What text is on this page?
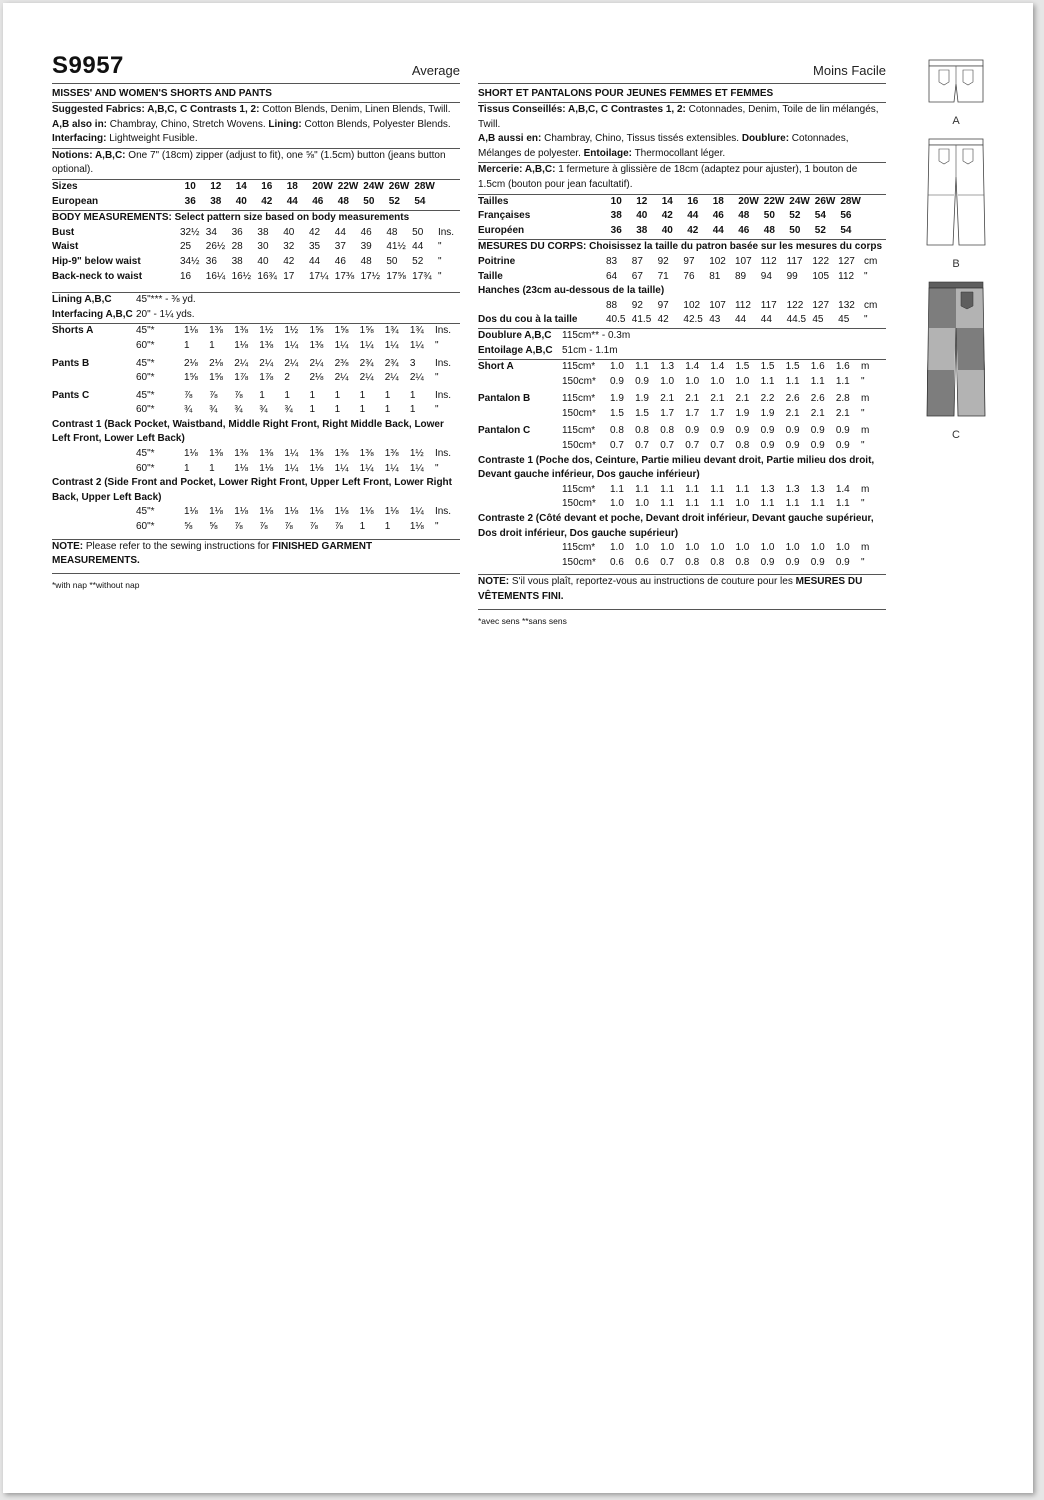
S9957	Average
MISSES' AND WOMEN'S SHORTS AND PANTS

Suggested Fabrics: A,B,C, C Contrasts 1, 2: Cotton Blends, Denim, Linen Blends, Twill.
A,B also in: Chambray, Chino, Stretch Wovens. Lining: Cotton Blends, Polyester Blends.
Interfacing: Lightweight Fusible.

Notions: A,B,C: One 7" (18cm) zipper (adjust to fit), one ⅝" (1.5cm) button (jeans button optional).

Sizes	10	12	14	16	18	20W	22W	24W	26W	28W	
European	36	38	40	42	44	46	48	50	52	54	
BODY MEASUREMENTS: Select pattern size based on body measurements
Bust	32½	34	36	38	40	42	44	46	48	50	Ins.
Waist	25	26½	28	30	32	35	37	39	41½	44	"
Hip-9" below waist	34½	36	38	40	42	44	46	48	50	52	"
Back-neck to waist	16	16¼	16½	16¾	17	17¼	17⅜	17½	17⅝	17¾	"
Lining A,B,C	45"*** - ⅜ yd.
Interfacing A,B,C	20" - 1¼ yds.
Shorts A	45"*	1⅛	1⅜	1⅜	1½	1½	1⅝	1⅝	1⅝	1¾	1¾	Ins.
	60"*	1	1	1⅛	1⅜	1¼	1⅜	1¼	1¼	1¼	1¼	"
Pants B	45"*	2⅛	2⅛	2¼	2¼	2¼	2¼	2⅜	2¾	2¾	3	Ins.
	60"*	1⅝	1⅝	1⅞	1⅞	2	2⅛	2¼	2¼	2¼	2¼	"
Pants C	45"*	⅞	⅞	⅞	1	1	1	1	1	1	1	Ins.
	60"*	¾	¾	¾	¾	¾	1	1	1	1	1	"
Contrast 1 (Back Pocket, Waistband, Middle Right Front, Right Middle Back, Lower Left Front, Lower Left Back)
	45"*	1⅛	1⅜	1⅜	1⅜	1¼	1⅜	1⅜	1⅜	1⅜	1½	Ins.
	60"*	1	1	1⅛	1⅛	1¼	1⅛	1¼	1¼	1¼	1¼	"
Contrast 2 (Side Front and Pocket, Lower Right Front, Upper Left Front, Lower Right Back, Upper Left Back)
	45"*	1⅛	1⅛	1⅛	1⅛	1⅛	1⅛	1⅛	1⅛	1⅛	1¼	Ins.
	60"*	⅝	⅝	⅞	⅞	⅞	⅞	⅞	1	1	1⅛	"

NOTE: Please refer to the sewing instructions for FINISHED GARMENT MEASUREMENTS.

*with nap **without nap
Moins Facile
SHORT ET PANTALONS POUR JEUNES FEMMES ET FEMMES

Tissus Conseillés: A,B,C, C Contrastes 1, 2: Cotonnades, Denim, Toile de lin mélangés, Twill.
A,B aussi en: Chambray, Chino, Tissus tissés extensibles. Doublure: Cotonnades, Mélanges de polyester. Entoilage: Thermocollant léger.

Mercerie: A,B,C: 1 fermeture à glissière de 18cm (adaptez pour ajuster), 1 bouton de 1.5cm (bouton pour jean facultatif).

Tailles	10	12	14	16	18	20W	22W	24W	26W	28W	
Françaises	38	40	42	44	46	48	50	52	54	56	
Européen	36	38	40	42	44	46	48	50	52	54	
MESURES DU CORPS: Choisissez la taille du patron basée sur les mesures du corps
Poitrine	83	87	92	97	102	107	112	117	122	127	cm
Taille	64	67	71	76	81	89	94	99	105	112	"
Hanches (23cm au-dessous de la taille)											
	88	92	97	102	107	112	117	122	127	132	cm
Dos du cou à la taille	40.5	41.5	42	42.5	43	44	44	44.5	45	45	"
Doublure A,B,C	115cm** - 0.3m
Entoilage A,B,C	51cm - 1.1m
Short A	115cm*	1.0	1.1	1.3	1.4	1.4	1.5	1.5	1.5	1.6	1.6	m
	150cm*	0.9	0.9	1.0	1.0	1.0	1.0	1.1	1.1	1.1	1.1	"
Pantalon B	115cm*	1.9	1.9	2.1	2.1	2.1	2.1	2.2	2.6	2.6	2.8	m
	150cm*	1.5	1.5	1.7	1.7	1.7	1.9	1.9	2.1	2.1	2.1	"
Pantalon C	115cm*	0.8	0.8	0.8	0.9	0.9	0.9	0.9	0.9	0.9	0.9	m
	150cm*	0.7	0.7	0.7	0.7	0.7	0.8	0.9	0.9	0.9	0.9	"
Contraste 1 (Poche dos, Ceinture, Partie milieu devant droit, Partie milieu dos droit, Devant gauche inférieur, Dos gauche inférieur)
	115cm*	1.1	1.1	1.1	1.1	1.1	1.1	1.3	1.3	1.3	1.4	m
	150cm*	1.0	1.0	1.1	1.1	1.1	1.0	1.1	1.1	1.1	1.1	"
Contraste 2 (Côté devant et poche, Devant droit inférieur, Devant gauche supérieur, Dos droit inférieur, Dos gauche supérieur)
	115cm*	1.0	1.0	1.0	1.0	1.0	1.0	1.0	1.0	1.0	1.0	m
	150cm*	0.6	0.6	0.7	0.8	0.8	0.8	0.9	0.9	0.9	0.9	"

NOTE: S'il vous plaît, reportez-vous au instructions de couture pour les MESURES DU VÊTEMENTS FINI.

*avec sens **sans sens
A
B
C
